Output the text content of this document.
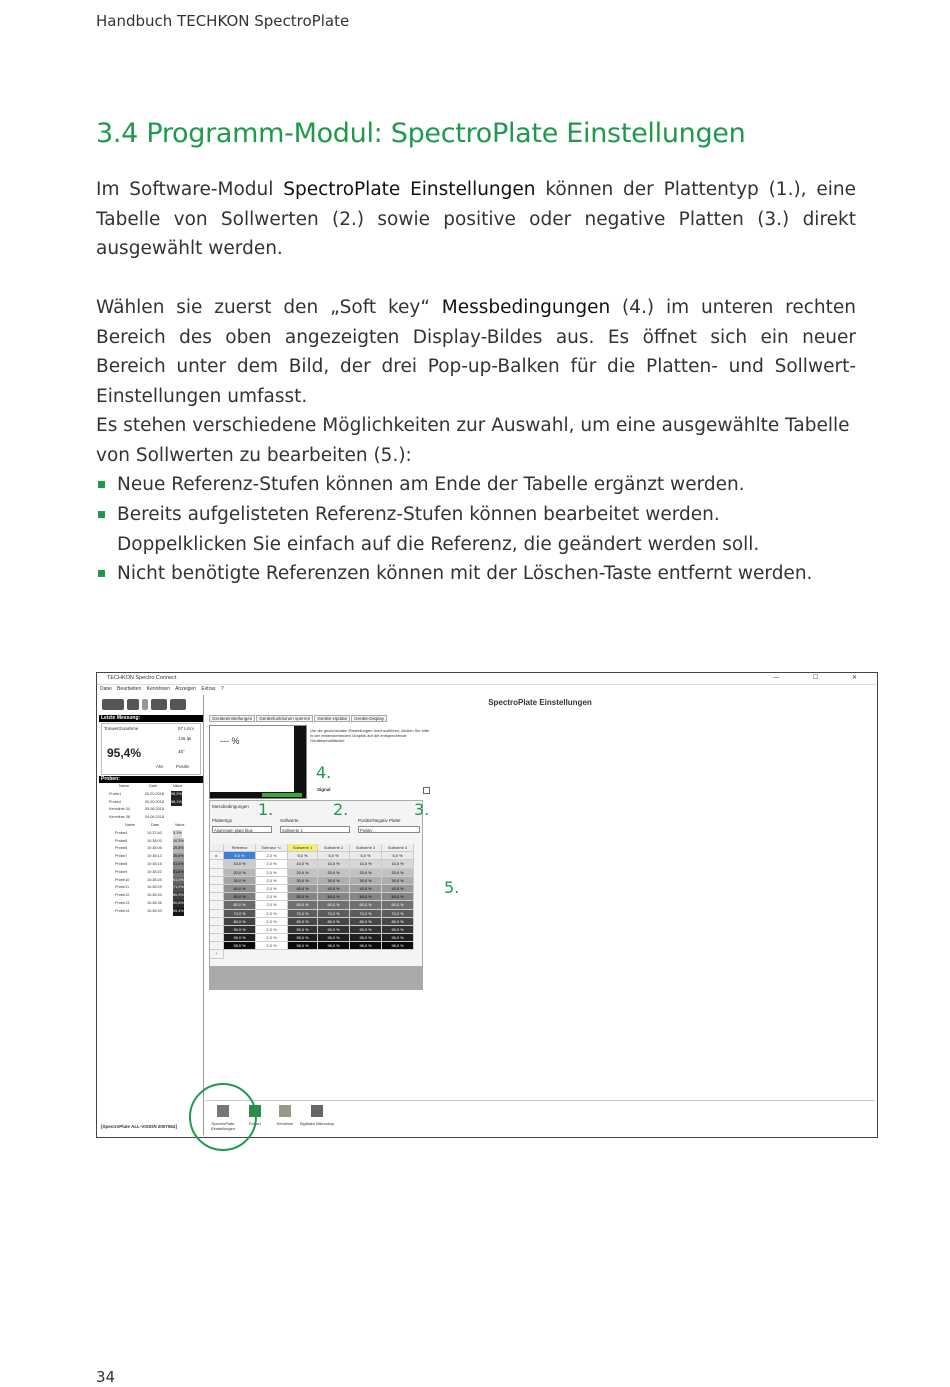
Handbuch TECHKON SpectroPlate
3.4 Programm-Modul: SpectroPlate Einstellungen
Im Software-Modul SpectroPlate Einstellungen können der Plattentyp (1.), eine Tabelle von Sollwerten (2.) sowie positive oder negative Platten (3.) direkt ausgewählt werden.
Wählen sie zuerst den „Soft key“ Messbedingungen (4.) im unteren rechten Bereich des oben angezeigten Display-Bildes aus. Es öffnet sich ein neuer Bereich unter dem Bild, der drei Pop-up-Balken für die Platten- und Sollwert-Einstellungen umfasst.
Es stehen verschiedene Möglichkeiten zur Auswahl, um eine ausgewählte Tabelle von Sollwerten zu bearbeiten (5.):
Neue Referenz-Stufen können am Ende der Tabelle ergänzt werden.
Bereits aufgelisteten Referenz-Stufen können bearbeitet werden.
Doppelklicken Sie einfach auf die Referenz, die geändert werden soll.
Nicht benötigte Referenzen können mit der Löschen-Taste entfernt werden.
TECHKON Spectro Connect	— ☐ ✕
Datei Bearbeiten Kennlinien Anzeigen Extras ?
Letzte Messung:
Tonwertzunahme
95,4%
57 L/cm
145 lpi
45°
AM	Positiv
Proben:
Name	Date	Value
Probe1	00.00.2018 98,2%
Probe2	00.00.2018 98,1%
Kennlinie 34	05.06.2018
Kennlinie 36	04.06.2018
Name	Date	Value
Probe4	10:37:40	3,1%
Probe5	10:38:03	10,3%
Probe6	10:38:06	20,8%
Probe7	10:38:13	30,6%
Probe8	10:38:16	41,4%
Probe9	10:38:22	51,6%
Probe10	10:38:25	61,0%
Probe11	10:38:29	71,2%
Probe12	10:38:34	80,9%
Probe13	10:38:35	90,6%
Probe14	10:38:39	95,4%
[SpectroPlate ALL-VISION 2007564]
SpectroPlate Einstellungen
Geräteeinstellungen Gerätefunktionen sperren Geräte-Update Geräte-Display
--- %
Um die gewünschten Einstellungen durchzuführen, klicken Sie bitte in der nebenstehenden Graphik auf die entsprechende Geräteschaltfläche!
Signal
Messbedingungen
Plattentyp	Sollwerte	Positiv/Negativ Platte
Aluminium plate blue	Sollwerte 1	Positiv
Referenz	Toleranz +/-	Sollwerte 1	Sollwerte 2	Sollwerte 3	Sollwerte 4
▸	5,0 %	2,0 %	5,0 %	5,0 %	5,0 %	5,0 %
10,0 %	2,0 %	10,0 %	10,0 %	10,0 %	10,0 %
20,0 %	2,0 %	20,0 %	20,0 %	20,0 %	20,0 %
30,0 %	2,0 %	30,0 %	30,0 %	30,0 %	30,0 %
40,0 %	2,0 %	40,0 %	40,0 %	40,0 %	40,0 %
50,0 %	2,0 %	50,0 %	50,0 %	50,0 %	50,0 %
60,0 %	2,0 %	60,0 %	60,0 %	60,0 %	60,0 %
70,0 %	2,0 %	70,0 %	70,0 %	70,0 %	70,0 %
80,0 %	2,0 %	80,0 %	80,0 %	80,0 %	80,0 %
90,0 %	2,0 %	90,0 %	90,0 %	90,0 %	90,0 %
95,0 %	2,0 %	95,0 %	95,0 %	95,0 %	95,0 %
98,0 %	2,0 %	98,0 %	98,0 %	98,0 %	98,0 %
*
SpectroPlate Einstellungen
Export	Kennlinie	Digitales Mikroskop
4.
1.	2.	3.
5.
34
